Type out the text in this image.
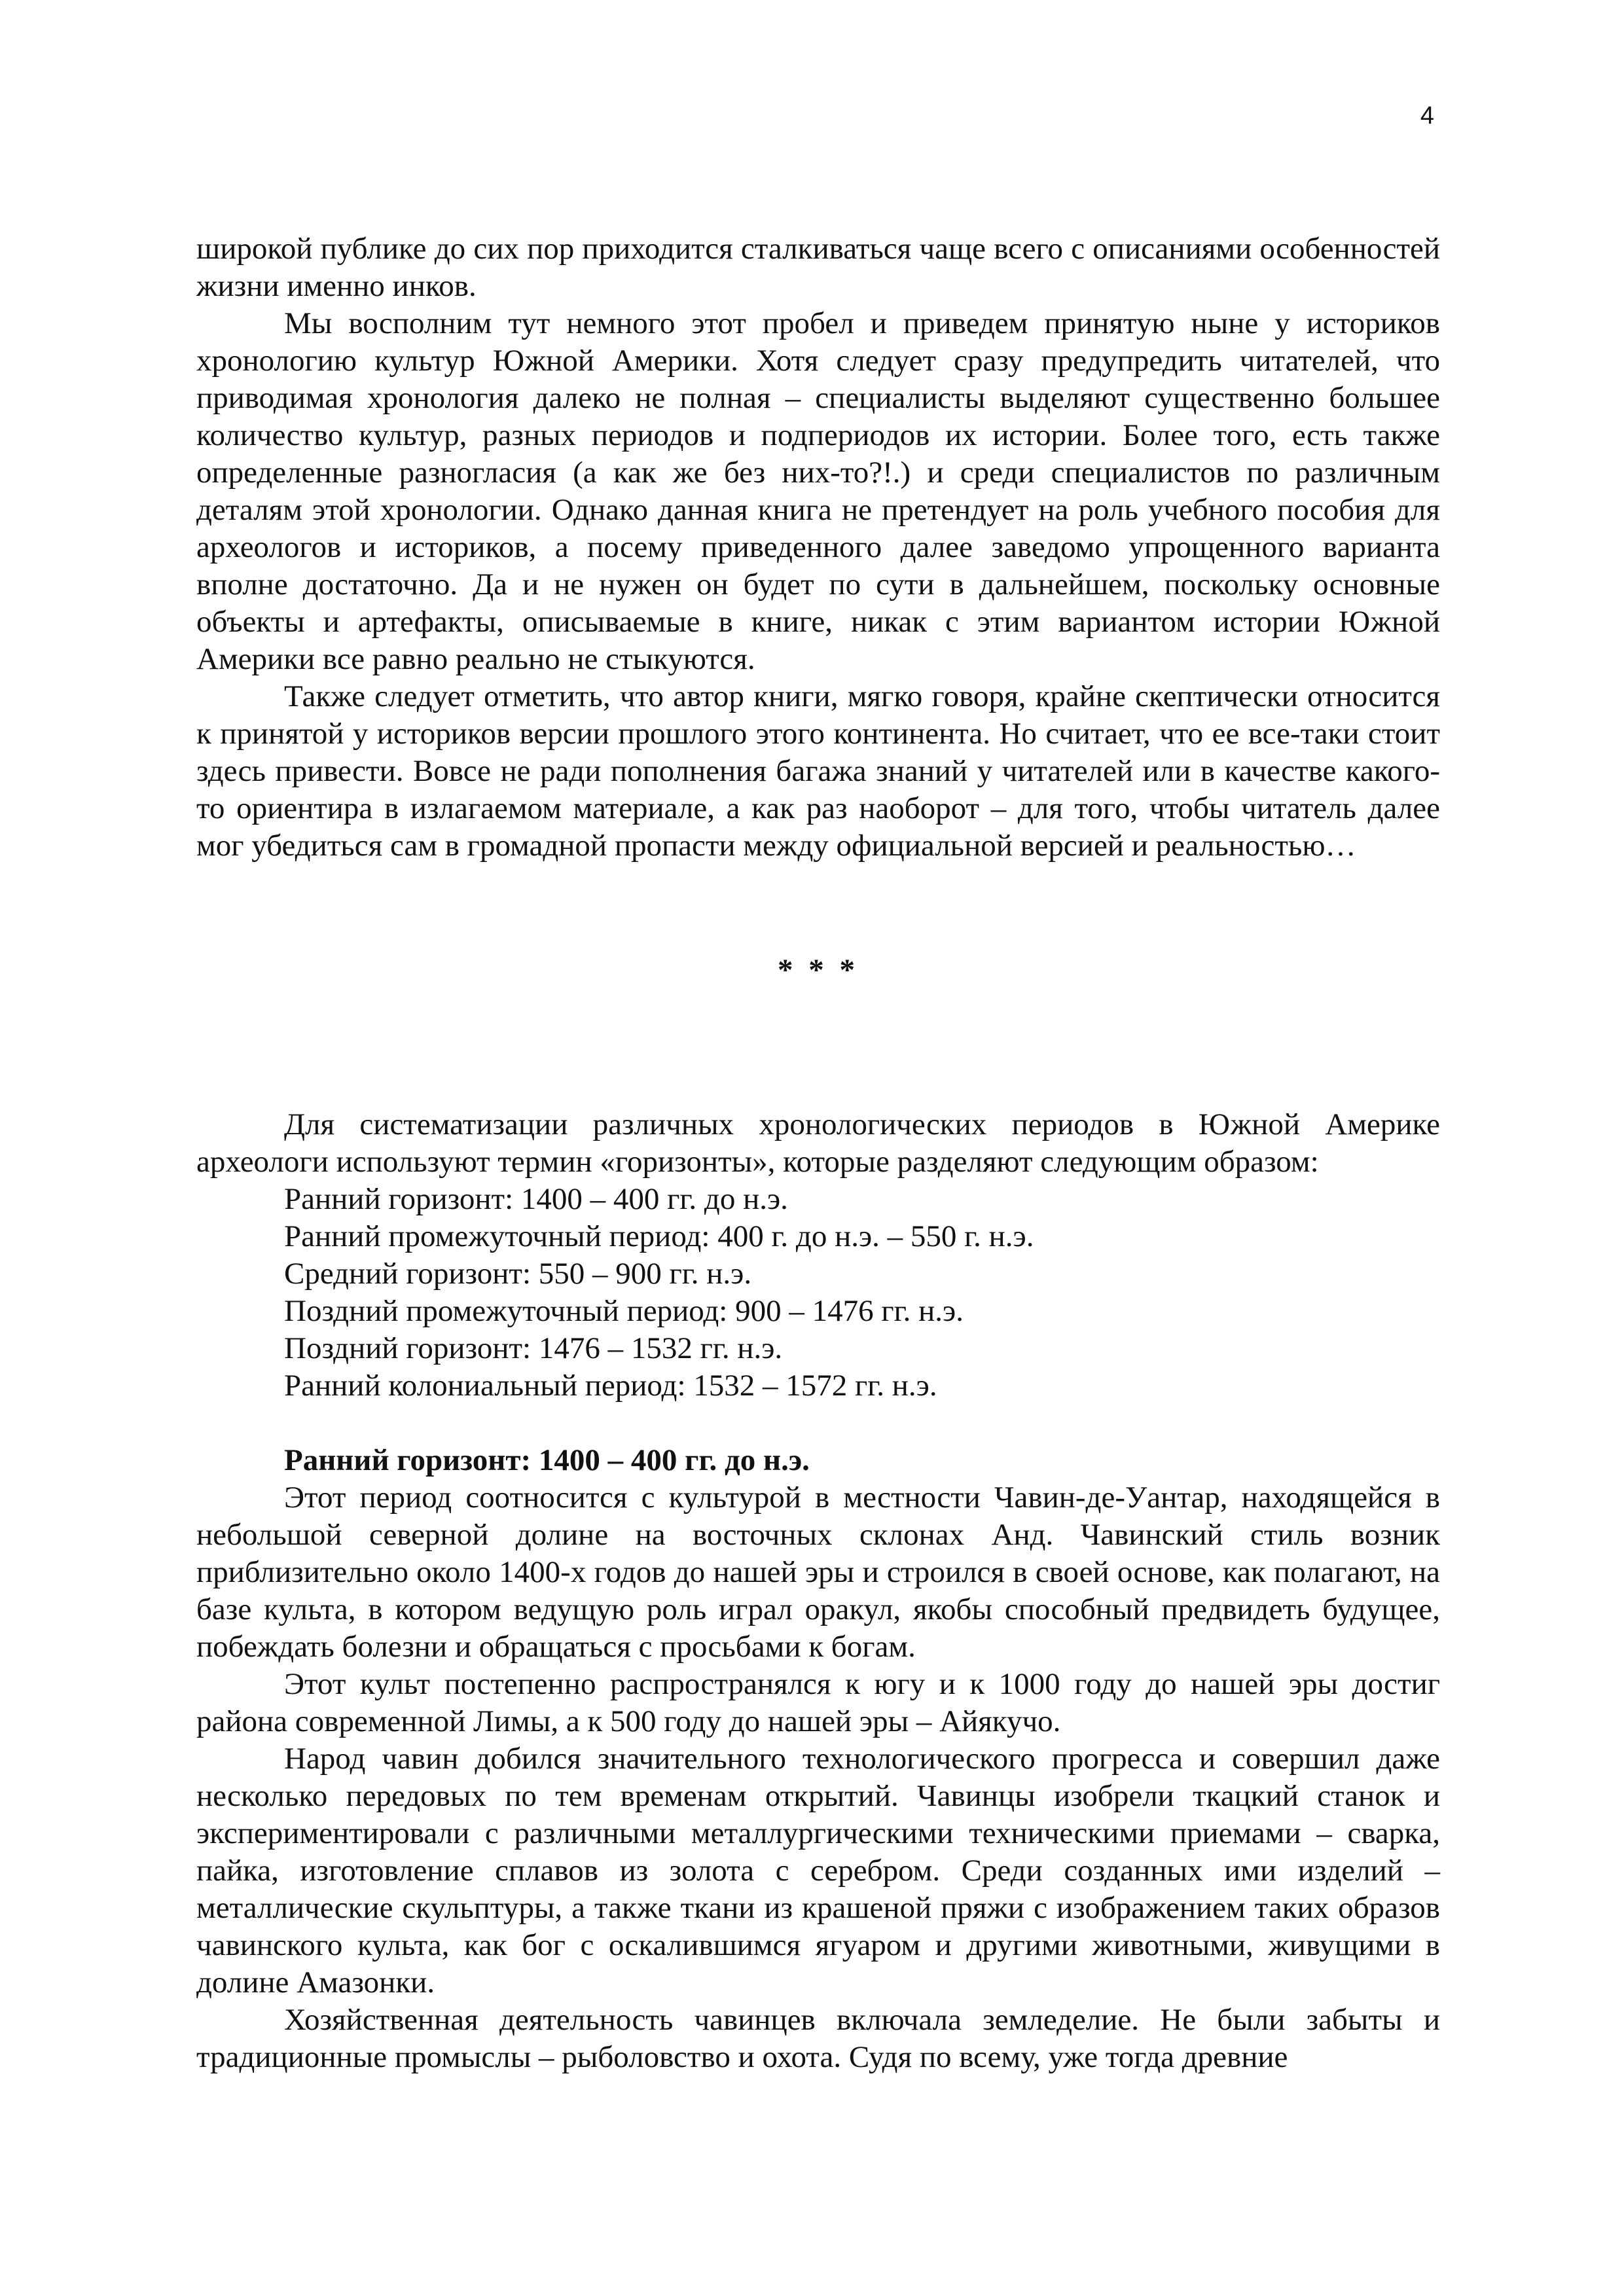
4

широкой публике до сих пор приходится сталкиваться чаще всего с описаниями особенностей жизни именно инков.

Мы восполним тут немного этот пробел и приведем принятую ныне у историков хронологию культур Южной Америки. Хотя следует сразу предупредить читателей, что приводимая хронология далеко не полная – специалисты выделяют существенно большее количество культур, разных периодов и подпериодов их истории. Более того, есть также определенные разногласия (а как же без них-то?!.) и среди специалистов по различным деталям этой хронологии. Однако данная книга не претендует на роль учебного пособия для археологов и историков, а посему приведенного далее заведомо упрощенного варианта вполне достаточно. Да и не нужен он будет по сути в дальнейшем, поскольку основные объекты и артефакты, описываемые в книге, никак с этим вариантом истории Южной Америки все равно реально не стыкуются.

Также следует отметить, что автор книги, мягко говоря, крайне скептически относится к принятой у историков версии прошлого этого континента. Но считает, что ее все-таки стоит здесь привести. Вовсе не ради пополнения багажа знаний у читателей или в качестве какого-то ориентира в излагаемом материале, а как раз наоборот – для того, чтобы читатель далее мог убедиться сам в громадной пропасти между официальной версией и реальностью…

* * *

Для систематизации различных хронологических периодов в Южной Америке археологи используют термин «горизонты», которые разделяют следующим образом:

Ранний горизонт: 1400 – 400 гг. до н.э.

Ранний промежуточный период: 400 г. до н.э. – 550 г. н.э.

Средний горизонт: 550 – 900 гг. н.э.

Поздний промежуточный период: 900 – 1476 гг. н.э.

Поздний горизонт: 1476 – 1532 гг. н.э.

Ранний колониальный период: 1532 – 1572 гг. н.э.

Ранний горизонт: 1400 – 400 гг. до н.э.

Этот период соотносится с культурой в местности Чавин-де-Уантар, находящейся в небольшой северной долине на восточных склонах Анд. Чавинский стиль возник приблизительно около 1400-х годов до нашей эры и строился в своей основе, как полагают, на базе культа, в котором ведущую роль играл оракул, якобы способный предвидеть будущее, побеждать болезни и обращаться с просьбами к богам.

Этот культ постепенно распространялся к югу и к 1000 году до нашей эры достиг района современной Лимы, а к 500 году до нашей эры – Айякучо.

Народ чавин добился значительного технологического прогресса и совершил даже несколько передовых по тем временам открытий. Чавинцы изобрели ткацкий станок и экспериментировали с различными металлургическими техническими приемами – сварка, пайка, изготовление сплавов из золота с серебром. Среди созданных ими изделий – металлические скульптуры, а также ткани из крашеной пряжи с изображением таких образов чавинского культа, как бог с оскалившимся ягуаром и другими животными, живущими в долине Амазонки.

Хозяйственная деятельность чавинцев включала земледелие. Не были забыты и традиционные промыслы – рыболовство и охота. Судя по всему, уже тогда древние
